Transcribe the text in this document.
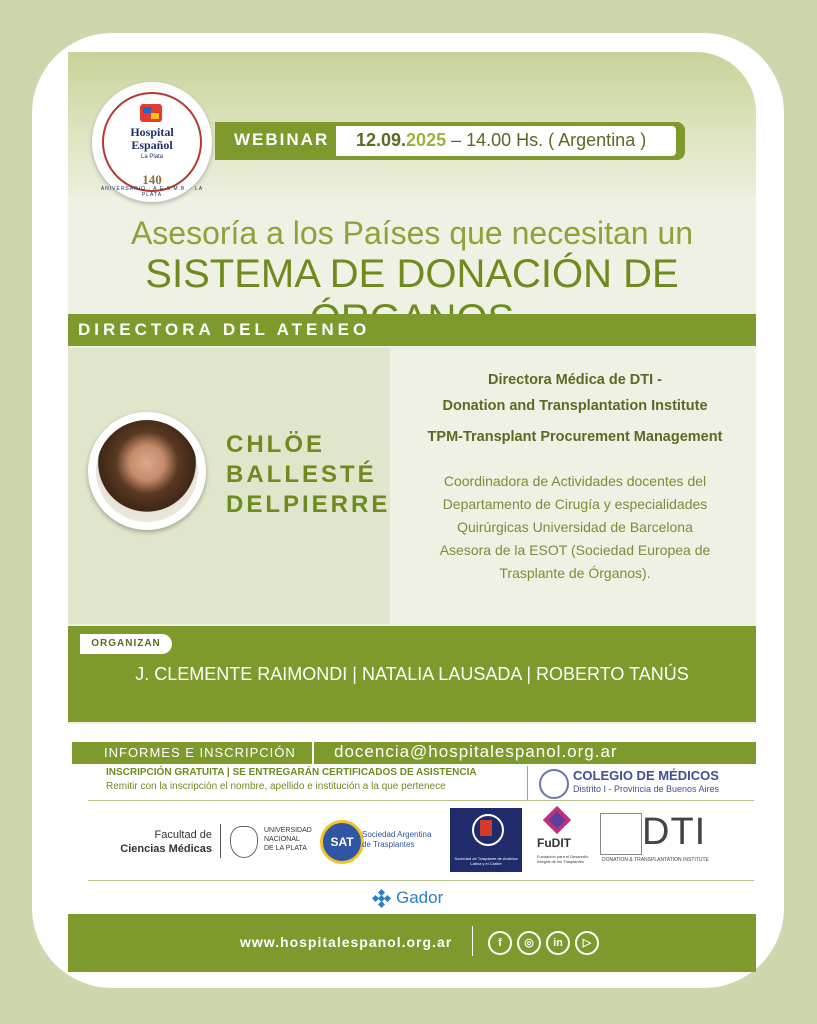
Hospital
Español
La Plata
140
ANIVERSARIO · A.E.S.M.B. · LA PLATA
WEBINAR 12.09.2025 – 14.00 Hs. ( Argentina )
Asesoría a los Países que necesitan un
SISTEMA DE DONACIÓN DE
DIRECTORA DEL ATENEO
CHLÖE
BALLESTÉ
DELPIERRE
Directora Médica de DTI -
Donation and Transplantation Institute
TPM-Transplant Procurement Management
Coordinadora de Actividades docentes del
Departamento de Cirugía y especialidades
Quirúrgicas Universidad de Barcelona
Asesora de la ESOT (Sociedad Europea de
Trasplante de Órganos).
ORGANIZAN
J. CLEMENTE RAIMONDI | NATALIA LAUSADA | ROBERTO TANÚS
INFORMES E INSCRIPCIÓN docencia@hospitalespanol.org.ar
INSCRIPCIÓN GRATUITA | SE ENTREGARÁN CERTIFICADOS DE ASISTENCIA
Remitir con la inscripción el nombre, apellido e institución a la que pertenece
COLEGIO DE MÉDICOS
Distrito I - Provincia de Buenos Aires
Facultad de
Ciencias Médicas
UNIVERSIDAD
NACIONAL
DE LA PLATA	SAT
Sociedad Argentina
de Trasplantes
Sociedad de Trasplante de América Latina y el Caribe
FuDIT
Fundación para el Desarrollo Integral de los Trasplantes
DTI
DONATION & TRANSPLANTATION INSTITUTE
Gador
www.hospitalespanol.org.ar	f	◎	in	▷
